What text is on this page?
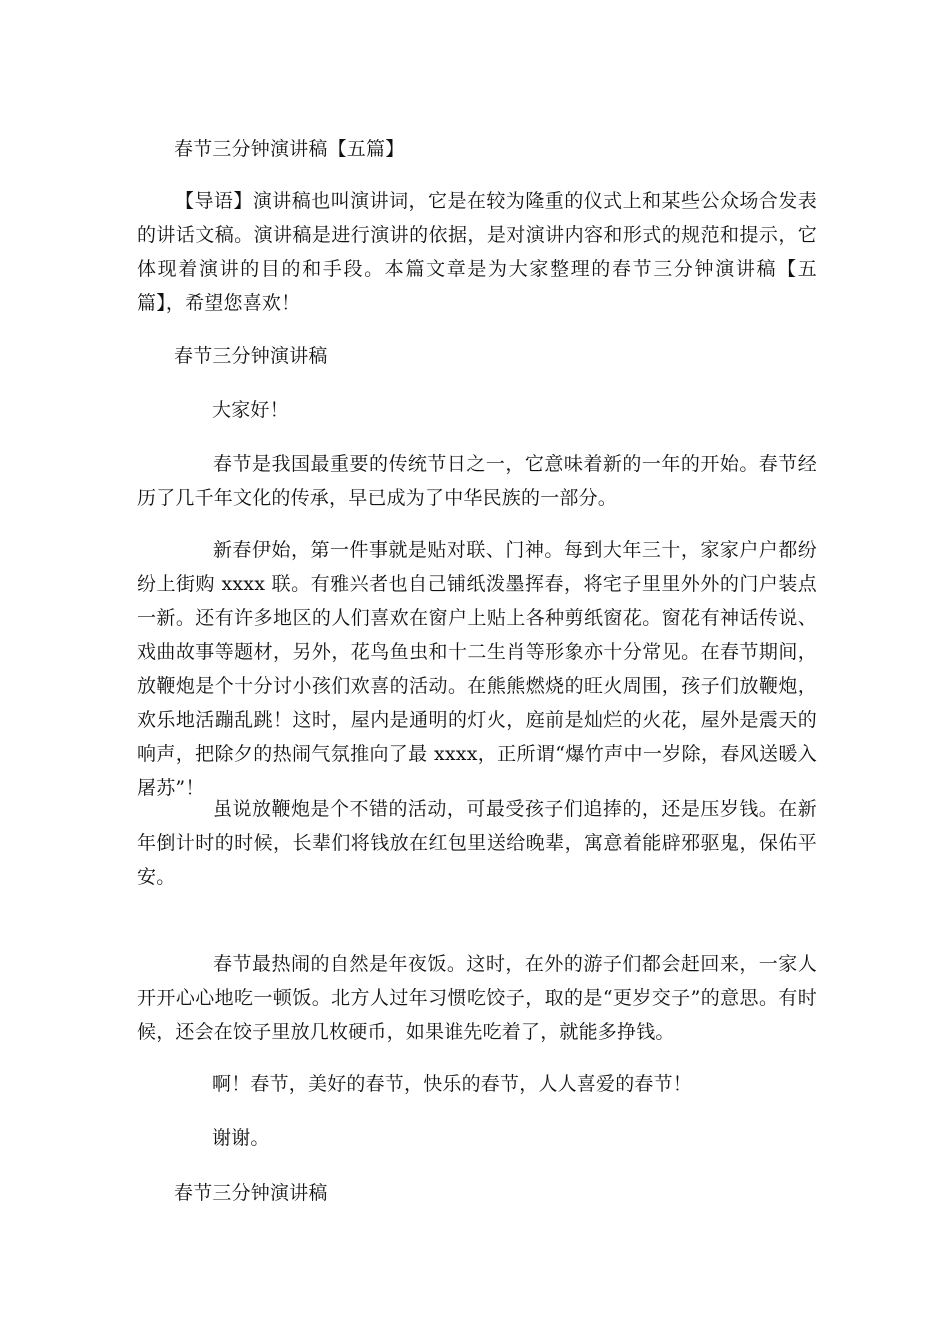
春节三分钟演讲稿【五篇】

【导语】演讲稿也叫演讲词，它是在较为隆重的仪式上和某些公众场合发表的讲话文稿。演讲稿是进行演讲的依据，是对演讲内容和形式的规范和提示，它体现着演讲的目的和手段。本篇文章是为大家整理的春节三分钟演讲稿【五篇】，希望您喜欢！

春节三分钟演讲稿

大家好！

春节是我国最重要的传统节日之一，它意味着新的一年的开始。春节经历了几千年文化的传承，早已成为了中华民族的一部分。

新春伊始，第一件事就是贴对联、门神。每到大年三十，家家户户都纷纷上街购 xxxx 联。有雅兴者也自己铺纸泼墨挥春，将宅子里里外外的门户装点一新。还有许多地区的人们喜欢在窗户上贴上各种剪纸窗花。窗花有神话传说、戏曲故事等题材，另外，花鸟鱼虫和十二生肖等形象亦十分常见。在春节期间，放鞭炮是个十分讨小孩们欢喜的活动。在熊熊燃烧的旺火周围，孩子们放鞭炮，欢乐地活蹦乱跳！这时，屋内是通明的灯火，庭前是灿烂的火花，屋外是震天的响声，把除夕的热闹气氛推向了最 xxxx，正所谓“爆竹声中一岁除，春风送暖入屠苏”！

虽说放鞭炮是个不错的活动，可最受孩子们追捧的，还是压岁钱。在新年倒计时的时候，长辈们将钱放在红包里送给晚辈，寓意着能辟邪驱鬼，保佑平安。

春节最热闹的自然是年夜饭。这时，在外的游子们都会赶回来，一家人开开心心地吃一顿饭。北方人过年习惯吃饺子，取的是“更岁交子”的意思。有时候，还会在饺子里放几枚硬币，如果谁先吃着了，就能多挣钱。

啊！春节，美好的春节，快乐的春节，人人喜爱的春节！

谢谢。

春节三分钟演讲稿
